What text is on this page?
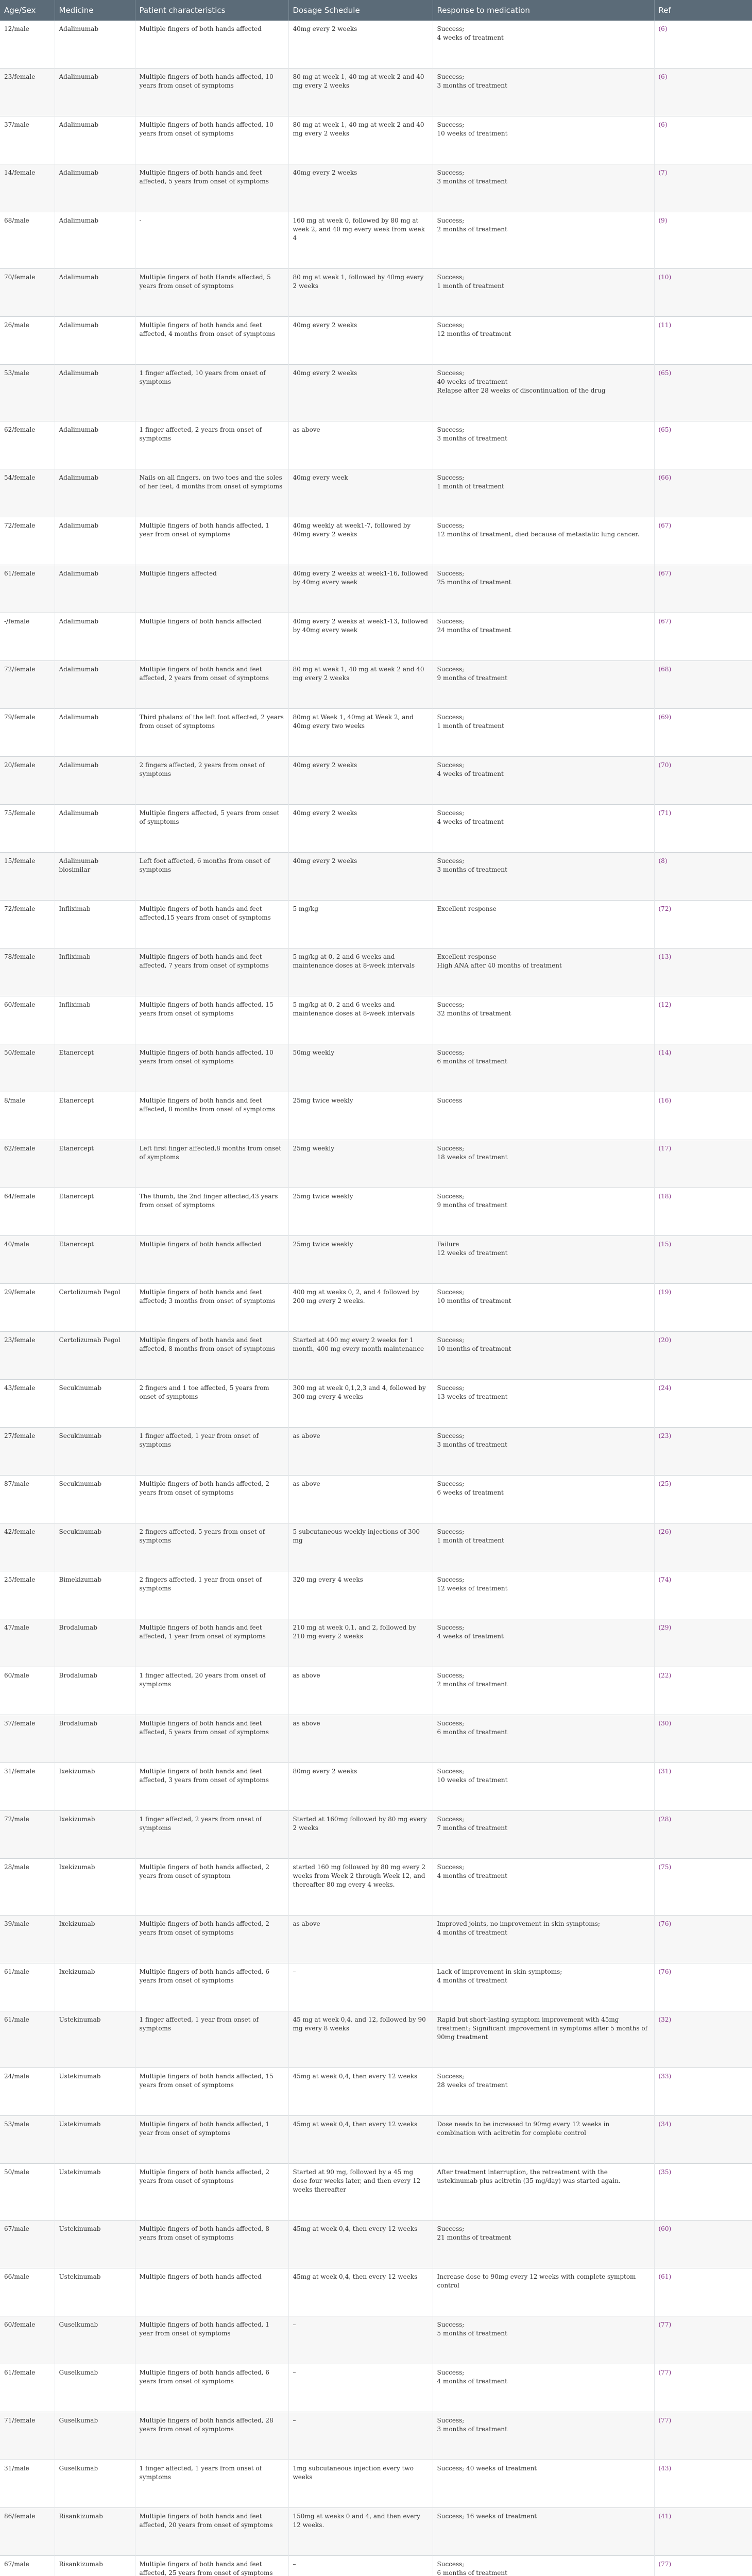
Age/Sex	Medicine	Patient characteristics	Dosage Schedule	Response to medication	Ref

12/male	Adalimumab	Multiple fingers of both hands affected	40mg every 2 weeks	Success;
4 weeks of treatment	(6)

23/female	Adalimumab	Multiple fingers of both hands affected, 10 years from onset of symptoms	80 mg at week 1, 40 mg at week 2 and 40 mg every 2 weeks	Success;
3 months of treatment	(6)

37/male	Adalimumab	Multiple fingers of both hands affected, 10 years from onset of symptoms	80 mg at week 1, 40 mg at week 2 and 40 mg every 2 weeks	Success;
10 weeks of treatment	(6)

14/female	Adalimumab	Multiple fingers of both hands and feet affected, 5 years from onset of symptoms	40mg every 2 weeks	Success;
3 months of treatment	(7)

68/male	Adalimumab	-	160 mg at week 0, followed by 80 mg at week 2, and 40 mg every week from week 4	Success;
2 months of treatment	(9)

70/female	Adalimumab	Multiple fingers of both Hands affected, 5 years from onset of symptoms	80 mg at week 1, followed by 40mg every 2 weeks	Success;
1 month of treatment	(10)

26/male	Adalimumab	Multiple fingers of both hands and feet affected, 4 months from onset of symptoms	40mg every 2 weeks	Success;
12 months of treatment	(11)

53/male	Adalimumab	1 finger affected, 10 years from onset of symptoms	40mg every 2 weeks	Success;
40 weeks of treatment
Relapse after 28 weeks of discontinuation of the drug	(65)

62/female	Adalimumab	1 finger affected, 2 years from onset of symptoms	as above	Success;
3 months of treatment	(65)

54/female	Adalimumab	Nails on all fingers, on two toes and the soles of her feet, 4 months from onset of symptoms	40mg every week	Success;
1 month of treatment	(66)

72/female	Adalimumab	Multiple fingers of both hands affected, 1 year from onset of symptoms	40mg weekly at week1-7, followed by 40mg every 2 weeks	Success;
12 months of treatment, died because of metastatic lung cancer.	(67)

61/female	Adalimumab	Multiple fingers affected	40mg every 2 weeks at week1-16, followed by 40mg every week	Success;
25 months of treatment	(67)

-/female	Adalimumab	Multiple fingers of both hands affected	40mg every 2 weeks at week1-13, followed by 40mg every week	Success;
24 months of treatment	(67)

72/female	Adalimumab	Multiple fingers of both hands and feet affected, 2 years from onset of symptoms	80 mg at week 1, 40 mg at week 2 and 40 mg every 2 weeks	Success;
9 months of treatment	(68)

79/female	Adalimumab	Third phalanx of the left foot affected, 2 years from onset of symptoms	80mg at Week 1, 40mg at Week 2, and 40mg every two weeks	Success;
1 month of treatment	(69)

20/female	Adalimumab	2 fingers affected, 2 years from onset of symptoms	40mg every 2 weeks	Success;
4 weeks of treatment	(70)

75/female	Adalimumab	Multiple fingers affected, 5 years from onset of symptoms	40mg every 2 weeks	Success;
4 weeks of treatment	(71)

15/female	Adalimumab biosimilar	Left foot affected, 6 months from onset of symptoms	40mg every 2 weeks	Success;
3 months of treatment	(8)

72/female	Infliximab	Multiple fingers of both hands and feet affected,15 years from onset of symptoms	5 mg/kg	Excellent response	(72)

78/female	Infliximab	Multiple fingers of both hands and feet affected, 7 years from onset of symptoms	5 mg/kg at 0, 2 and 6 weeks and maintenance doses at 8-week intervals	Excellent response
High ANA after 40 months of treatment	(13)

60/female	Infliximab	Multiple fingers of both hands affected, 15 years from onset of symptoms	5 mg/kg at 0, 2 and 6 weeks and maintenance doses at 8-week intervals	Success;
32 months of treatment	(12)

50/female	Etanercept	Multiple fingers of both hands affected, 10 years from onset of symptoms	50mg weekly	Success;
6 months of treatment	(14)

8/male	Etanercept	Multiple fingers of both hands and feet affected, 8 months from onset of symptoms	25mg twice weekly	Success	(16)

62/female	Etanercept	Left first finger affected,8 months from onset of symptoms	25mg weekly	Success;
18 weeks of treatment	(17)

64/female	Etanercept	The thumb, the 2nd finger affected,43 years from onset of symptoms	25mg twice weekly	Success;
9 months of treatment	(18)

40/male	Etanercept	Multiple fingers of both hands affected	25mg twice weekly	Failure
12 weeks of treatment	(15)

29/female	Certolizumab Pegol	Multiple fingers of both hands and feet affected; 3 months from onset of symptoms	400 mg at weeks 0, 2, and 4 followed by 200 mg every 2 weeks.	Success;
10 months of treatment	(19)

23/female	Certolizumab Pegol	Multiple fingers of both hands and feet affected, 8 months from onset of symptoms	Started at 400 mg every 2 weeks for 1 month, 400 mg every month maintenance	Success;
10 months of treatment	(20)

43/female	Secukinumab	2 fingers and 1 toe affected, 5 years from onset of symptoms	300 mg at week 0,1,2,3 and 4, followed by 300 mg every 4 weeks	Success;
13 weeks of treatment	(24)

27/female	Secukinumab	1 finger affected, 1 year from onset of symptoms	as above	Success;
3 months of treatment	(23)

87/male	Secukinumab	Multiple fingers of both hands affected, 2 years from onset of symptoms	as above	Success;
6 weeks of treatment	(25)

42/female	Secukinumab	2 fingers affected, 5 years from onset of symptoms	5 subcutaneous weekly injections of 300 mg	Success;
1 month of treatment	(26)

25/female	Bimekizumab	2 fingers affected, 1 year from onset of symptoms	320 mg every 4 weeks	Success;
12 weeks of treatment	(74)

47/male	Brodalumab	Multiple fingers of both hands and feet affected, 1 year from onset of symptoms	210 mg at week 0,1, and 2, followed by 210 mg every 2 weeks	Success;
4 weeks of treatment	(29)

60/male	Brodalumab	1 finger affected, 20 years from onset of symptoms	as above	Success;
2 months of treatment	(22)

37/female	Brodalumab	Multiple fingers of both hands and feet affected, 5 years from onset of symptoms	as above	Success;
6 months of treatment	(30)

31/female	Ixekizumab	Multiple fingers of both hands and feet affected, 3 years from onset of symptoms	80mg every 2 weeks	Success;
10 weeks of treatment	(31)

72/male	Ixekizumab	1 finger affected, 2 years from onset of symptoms	Started at 160mg followed by 80 mg every 2 weeks	Success;
7 months of treatment	(28)

28/male	Ixekizumab	Multiple fingers of both hands affected, 2 years from onset of symptom	started 160 mg followed by 80 mg every 2 weeks from Week 2 through Week 12, and thereafter 80 mg every 4 weeks.	Success;
4 months of treatment	(75)

39/male	Ixekizumab	Multiple fingers of both hands affected, 2 years from onset of symptoms	as above	Improved joints, no improvement in skin symptoms;
4 months of treatment	(76)

61/male	Ixekizumab	Multiple fingers of both hands affected, 6 years from onset of symptoms	–	Lack of improvement in skin symptoms;
4 months of treatment	(76)

61/male	Ustekinumab	1 finger affected, 1 year from onset of symptoms	45 mg at week 0,4, and 12, followed by 90 mg every 8 weeks	Rapid but short-lasting symptom improvement with 45mg treatment; Significant improvement in symptoms after 5 months of 90mg treatment	(32)

24/male	Ustekinumab	Multiple fingers of both hands affected, 15 years from onset of symptoms	45mg at week 0,4, then every 12 weeks	Success;
28 weeks of treatment	(33)

53/male	Ustekinumab	Multiple fingers of both hands affected, 1 year from onset of symptoms	45mg at week 0,4, then every 12 weeks	Dose needs to be increased to 90mg every 12 weeks in combination with acitretin for complete control	(34)

50/male	Ustekinumab	Multiple fingers of both hands affected, 2 years from onset of symptoms	Started at 90 mg, followed by a 45 mg dose four weeks later, and then every 12 weeks thereafter	After treatment interruption, the retreatment with the ustekinumab plus acitretin (35 mg/day) was started again.	(35)

67/male	Ustekinumab	Multiple fingers of both hands affected, 8 years from onset of symptoms	45mg at week 0,4, then every 12 weeks	Success;
21 months of treatment	(60)

66/male	Ustekinumab	Multiple fingers of both hands affected	45mg at week 0,4, then every 12 weeks	Increase dose to 90mg every 12 weeks with complete symptom control	(61)

60/female	Guselkumab	Multiple fingers of both hands affected, 1 year from onset of symptoms	–	Success;
5 months of treatment	(77)

61/female	Guselkumab	Multiple fingers of both hands affected, 6 years from onset of symptoms	–	Success;
4 months of treatment	(77)

71/female	Guselkumab	Multiple fingers of both hands affected, 28 years from onset of symptoms	–	Success;
3 months of treatment	(77)

31/male	Guselkumab	1 finger affected, 1 years from onset of symptoms	1mg subcutaneous injection every two weeks	Success; 40 weeks of treatment	(43)

86/female	Risankizumab	Multiple fingers of both hands and feet affected, 20 years from onset of symptoms	150mg at weeks 0 and 4, and then every 12 weeks.	Success; 16 weeks of treatment	(41)

67/male	Risankizumab	Multiple fingers of both hands and feet affected, 25 years from onset of symptoms	–	Success;
6 months of treatment	(77)
